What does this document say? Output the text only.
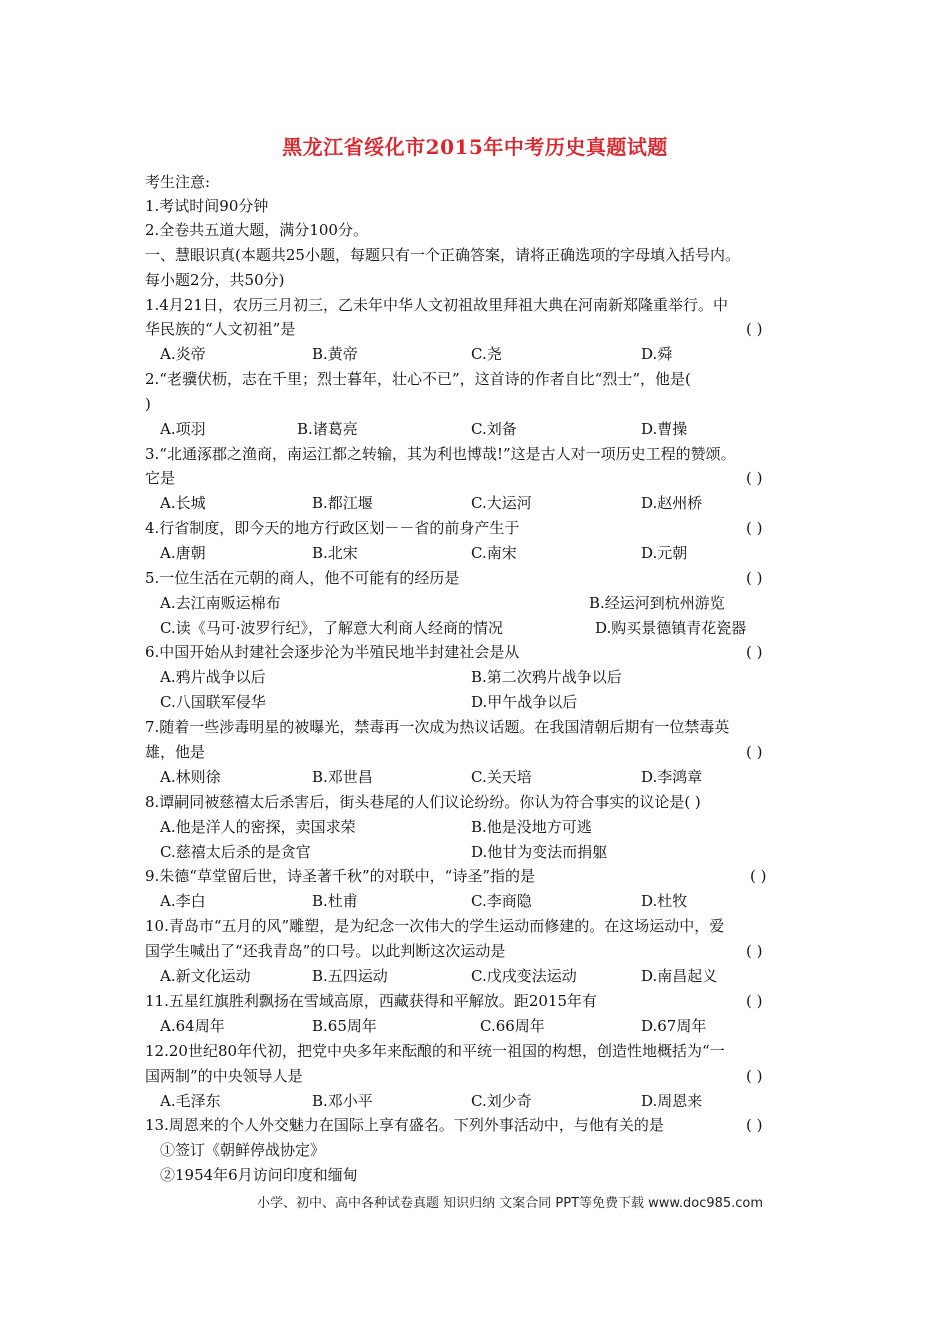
黑龙江省绥化市2015年中考历史真题试题
考生注意:
1.考试时间90分钟
2.全卷共五道大题，满分100分。
一、慧眼识真(本题共25小题，每题只有一个正确答案，请将正确选项的字母填入括号内。
每小题2分，共50分)
1.4月21日，农历三月初三，乙未年中华人文初祖故里拜祖大典在河南新郑隆重举行。中
华民族的“人文初祖”是	( )
A.炎帝	B.黄帝	C.尧	D.舜
2.“老骥伏枥，志在千里；烈士暮年，壮心不已”，这首诗的作者自比“烈士”，他是(
)
A.项羽	B.诸葛亮	C.刘备	D.曹操
3.“北通涿郡之渔商，南运江都之转输，其为利也博哉!”这是古人对一项历史工程的赞颂。
它是	( )
A.长城	B.都江堰	C.大运河	D.赵州桥
4.行省制度，即今天的地方行政区划－－省的前身产生于	( )
A.唐朝	B.北宋	C.南宋	D.元朝
5.一位生活在元朝的商人，他不可能有的经历是	( )
A.去江南贩运棉布	B.经运河到杭州游览
C.读《马可·波罗行纪》，了解意大利商人经商的情况	D.购买景德镇青花瓷器
6.中国开始从封建社会逐步沦为半殖民地半封建社会是从	( )
A.鸦片战争以后	B.第二次鸦片战争以后
C.八国联军侵华	D.甲午战争以后
7.随着一些涉毒明星的被曝光，禁毒再一次成为热议话题。在我国清朝后期有一位禁毒英
雄，他是	( )
A.林则徐	B.邓世昌	C.关天培	D.李鸿章
8.谭嗣同被慈禧太后杀害后，街头巷尾的人们议论纷纷。你认为符合事实的议论是( )
A.他是洋人的密探，卖国求荣	B.他是没地方可逃
C.慈禧太后杀的是贪官	D.他甘为变法而捐躯
9.朱德“草堂留后世，诗圣著千秋”的对联中，“诗圣”指的是	( )
A.李白	B.杜甫	C.李商隐	D.杜牧
10.青岛市“五月的风”雕塑，是为纪念一次伟大的学生运动而修建的。在这场运动中，爱
国学生喊出了“还我青岛”的口号。以此判断这次运动是	( )
A.新文化运动	B.五四运动	C.戊戌变法运动	D.南昌起义
11.五星红旗胜利飘扬在雪域高原，西藏获得和平解放。距2015年有	( )
A.64周年	B.65周年	C.66周年	D.67周年
12.20世纪80年代初，把党中央多年来酝酿的和平统一祖国的构想，创造性地概括为“一
国两制”的中央领导人是	( )
A.毛泽东	B.邓小平	C.刘少奇	D.周恩来
13.周恩来的个人外交魅力在国际上享有盛名。下列外事活动中，与他有关的是	( )
①签订《朝鲜停战协定》
②1954年6月访问印度和缅甸
小学、初中、高中各种试卷真题 知识归纳 文案合同 PPT等免费下载 www.doc985.com
